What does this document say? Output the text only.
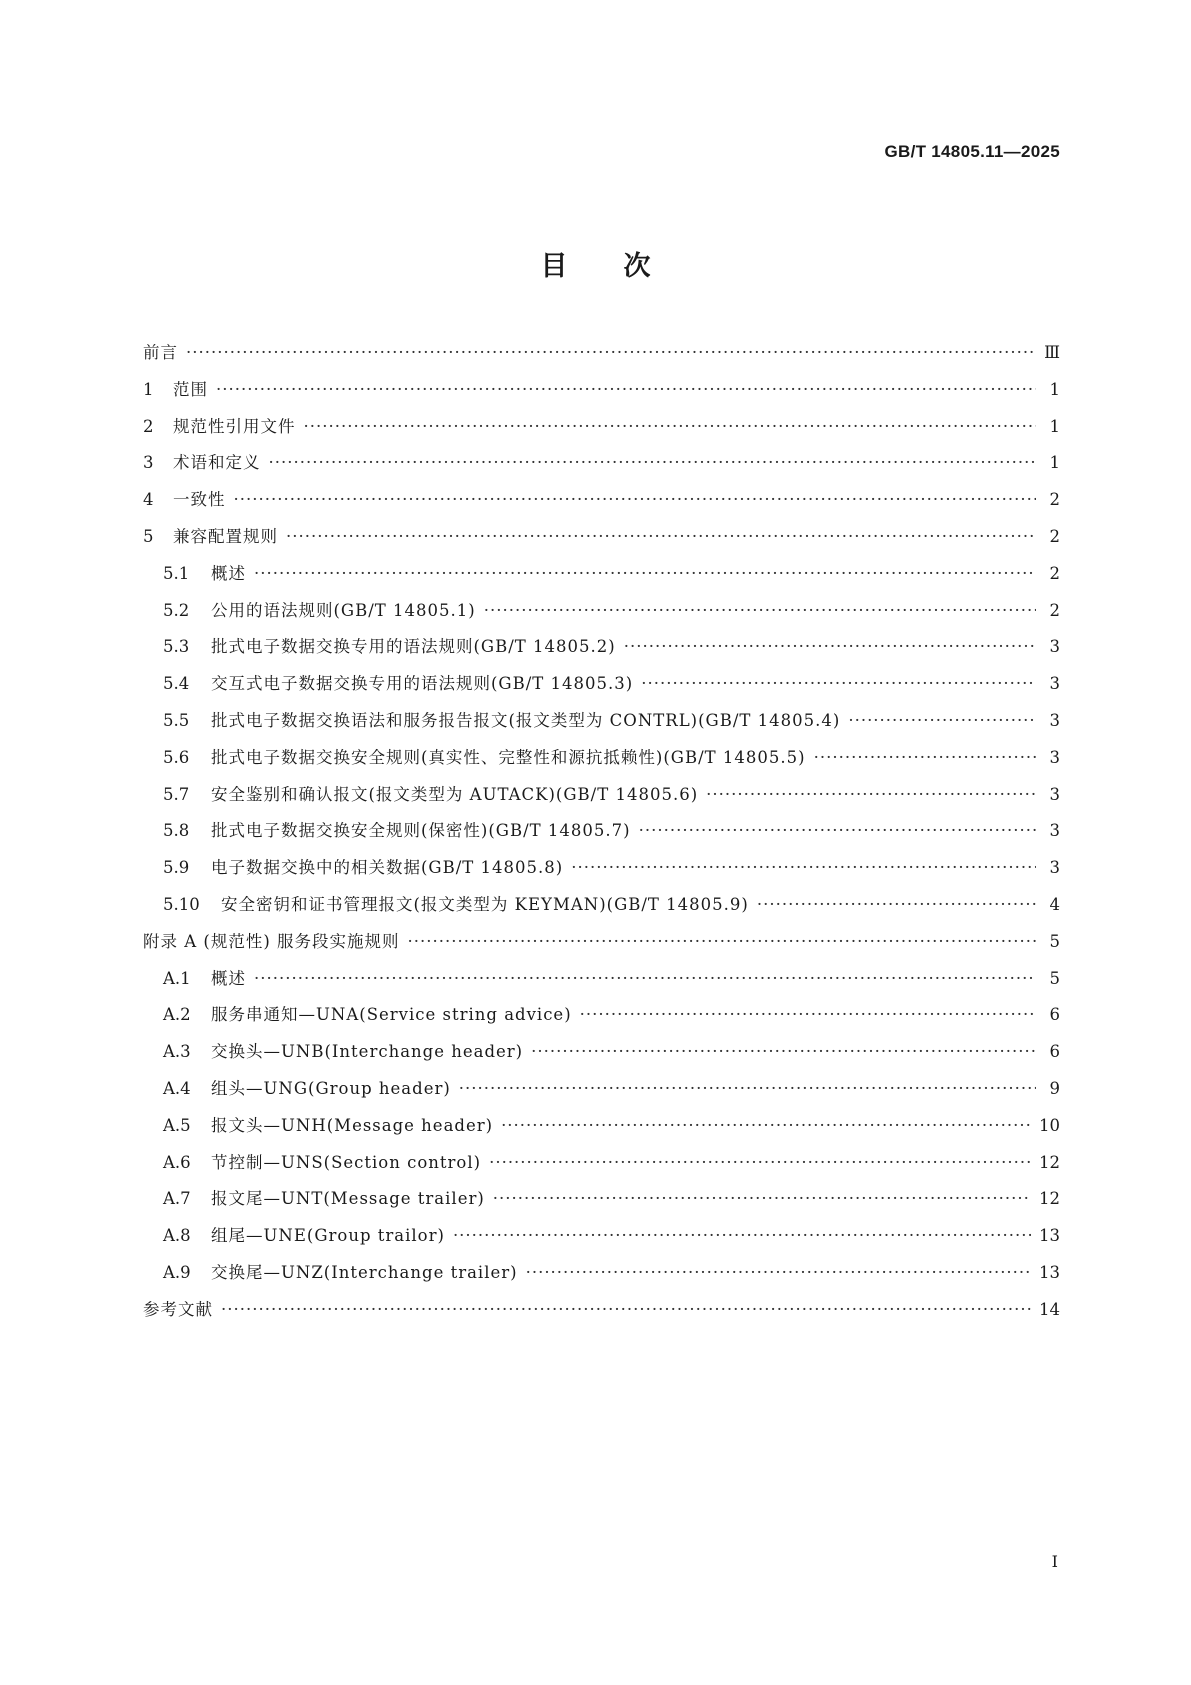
GB/T 14805.11—2025
目次
前言 ·····	Ⅲ
1	范围 ·····	1
2	规范性引用文件 ·····	1
3	术语和定义 ·····	1
4	一致性 ·····	2
5	兼容配置规则 ·····	2
5.1	概述 ·····	2
5.2	公用的语法规则(GB/T 14805.1) ·····	2
5.3	批式电子数据交换专用的语法规则(GB/T 14805.2) ·····	3
5.4	交互式电子数据交换专用的语法规则(GB/T 14805.3) ·····	3
5.5	批式电子数据交换语法和服务报告报文(报文类型为 CONTRL)(GB/T 14805.4) ·····	3
5.6	批式电子数据交换安全规则(真实性、完整性和源抗抵赖性)(GB/T 14805.5) ·····	3
5.7	安全鉴别和确认报文(报文类型为 AUTACK)(GB/T 14805.6) ·····	3
5.8	批式电子数据交换安全规则(保密性)(GB/T 14805.7) ·····	3
5.9	电子数据交换中的相关数据(GB/T 14805.8) ·····	3
5.10	安全密钥和证书管理报文(报文类型为 KEYMAN)(GB/T 14805.9) ·····	4
附录 A (规范性) 服务段实施规则 ·····	5
A.1	概述 ·····	5
A.2	服务串通知—UNA(Service string advice) ·····	6
A.3	交换头—UNB(Interchange header) ·····	6
A.4	组头—UNG(Group header) ·····	9
A.5	报文头—UNH(Message header) ·····	10
A.6	节控制—UNS(Section control) ·····	12
A.7	报文尾—UNT(Message trailer) ·····	12
A.8	组尾—UNE(Group trailor) ·····	13
A.9	交换尾—UNZ(Interchange trailer) ·····	13
参考文献 ·····	14
I
